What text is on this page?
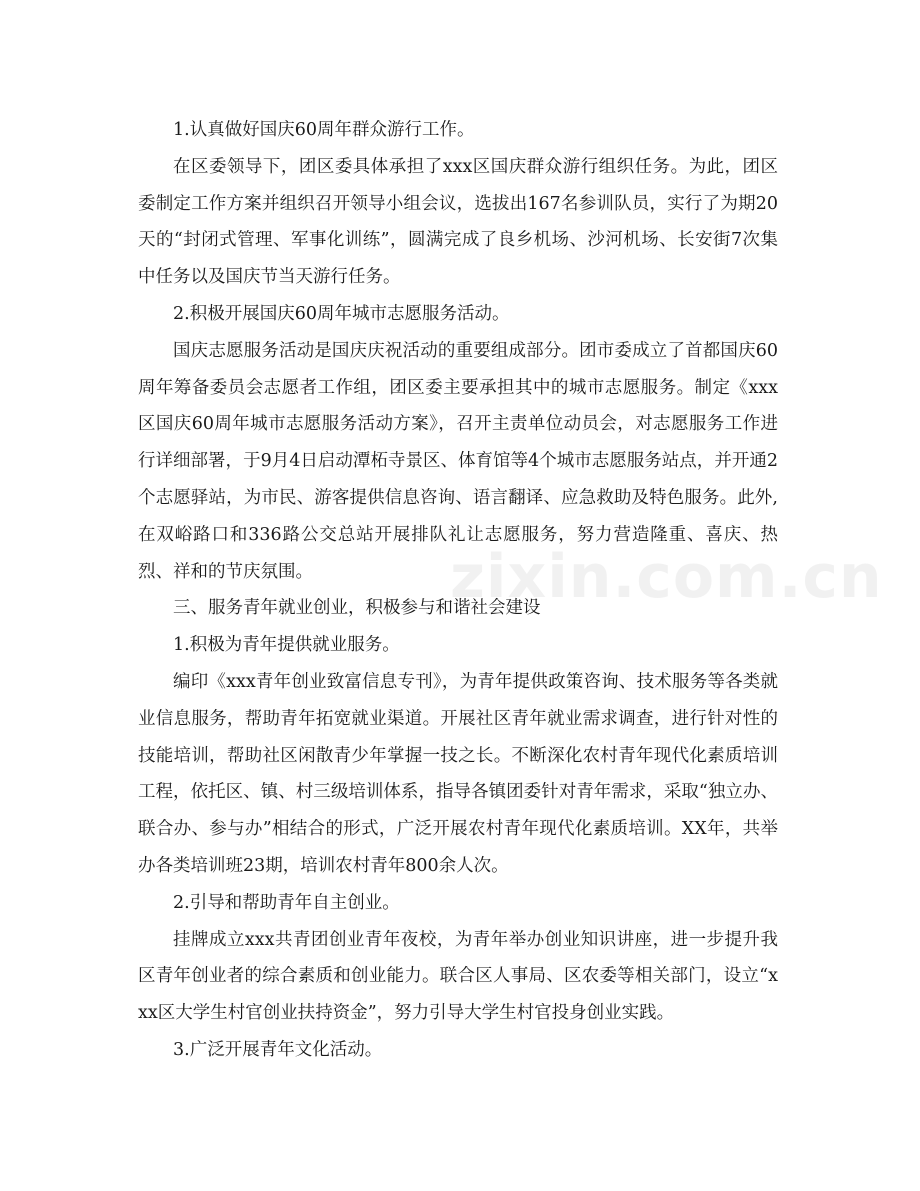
1.认真做好国庆60周年群众游行工作。

在区委领导下，团区委具体承担了xxx区国庆群众游行组织任务。为此，团区委制定工作方案并组织召开领导小组会议，选拔出167名参训队员，实行了为期20天的“封闭式管理、军事化训练”，圆满完成了良乡机场、沙河机场、长安街7次集中任务以及国庆节当天游行任务。

2.积极开展国庆60周年城市志愿服务活动。

国庆志愿服务活动是国庆庆祝活动的重要组成部分。团市委成立了首都国庆60周年筹备委员会志愿者工作组，团区委主要承担其中的城市志愿服务。制定《xxx区国庆60周年城市志愿服务活动方案》，召开主责单位动员会，对志愿服务工作进行详细部署，于9月4日启动潭柘寺景区、体育馆等4个城市志愿服务站点，并开通2个志愿驿站，为市民、游客提供信息咨询、语言翻译、应急救助及特色服务。此外,在双峪路口和336路公交总站开展排队礼让志愿服务，努力营造隆重、喜庆、热烈、祥和的节庆氛围。

三、服务青年就业创业，积极参与和谐社会建设

1.积极为青年提供就业服务。

编印《xxx青年创业致富信息专刊》，为青年提供政策咨询、技术服务等各类就业信息服务，帮助青年拓宽就业渠道。开展社区青年就业需求调查，进行针对性的技能培训，帮助社区闲散青少年掌握一技之长。不断深化农村青年现代化素质培训工程，依托区、镇、村三级培训体系，指导各镇团委针对青年需求，采取“独立办、联合办、参与办”相结合的形式，广泛开展农村青年现代化素质培训。XX年，共举办各类培训班23期，培训农村青年800余人次。

2.引导和帮助青年自主创业。

挂牌成立xxx共青团创业青年夜校，为青年举办创业知识讲座，进一步提升我区青年创业者的综合素质和创业能力。联合区人事局、区农委等相关部门，设立“xxx区大学生村官创业扶持资金”，努力引导大学生村官投身创业实践。

3.广泛开展青年文化活动。

zixin.com.cn
